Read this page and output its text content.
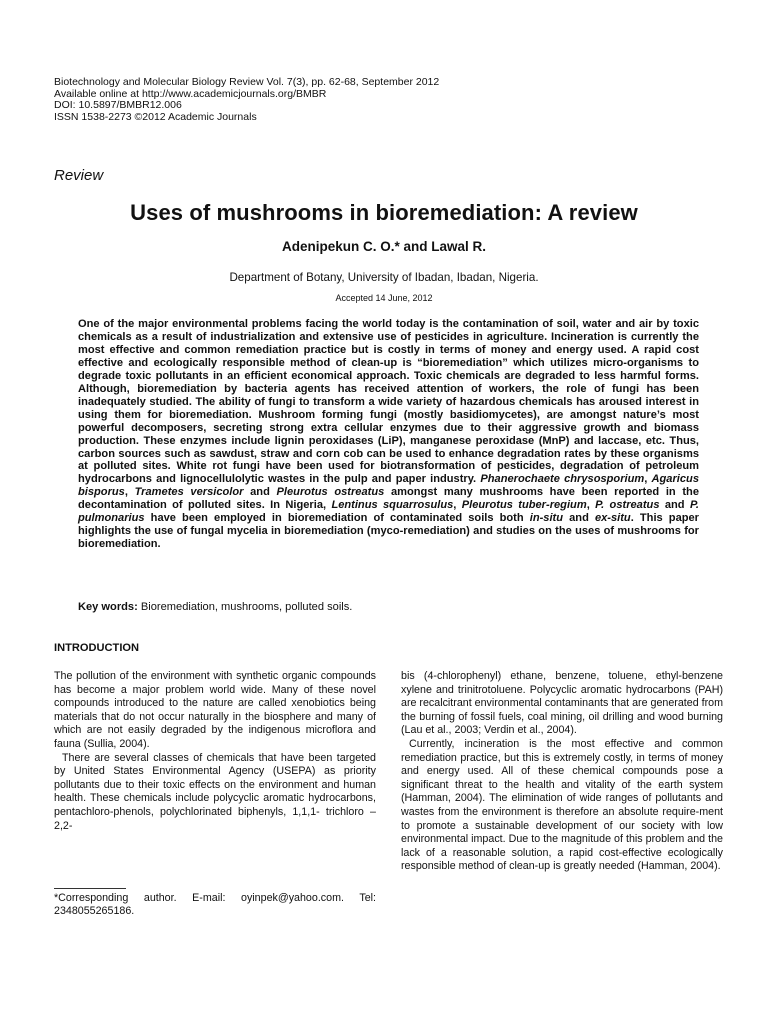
Biotechnology and Molecular Biology Review Vol. 7(3), pp. 62-68, September 2012
Available online at http://www.academicjournals.org/BMBR
DOI: 10.5897/BMBR12.006
ISSN 1538-2273 ©2012 Academic Journals
Review
Uses of mushrooms in bioremediation: A review
Adenipekun C. O.* and Lawal R.
Department of Botany, University of Ibadan, Ibadan, Nigeria.
Accepted 14 June, 2012
One of the major environmental problems facing the world today is the contamination of soil, water and air by toxic chemicals as a result of industrialization and extensive use of pesticides in agriculture. Incineration is currently the most effective and common remediation practice but is costly in terms of money and energy used. A rapid cost effective and ecologically responsible method of clean-up is “bioremediation” which utilizes micro-organisms to degrade toxic pollutants in an efficient economical approach. Toxic chemicals are degraded to less harmful forms. Although, bioremediation by bacteria agents has received attention of workers, the role of fungi has been inadequately studied. The ability of fungi to transform a wide variety of hazardous chemicals has aroused interest in using them for bioremediation. Mushroom forming fungi (mostly basidiomycetes), are amongst nature’s most powerful decomposers, secreting strong extra cellular enzymes due to their aggressive growth and biomass production. These enzymes include lignin peroxidases (LiP), manganese peroxidase (MnP) and laccase, etc. Thus, carbon sources such as sawdust, straw and corn cob can be used to enhance degradation rates by these organisms at polluted sites. White rot fungi have been used for biotransformation of pesticides, degradation of petroleum hydrocarbons and lignocellulolytic wastes in the pulp and paper industry. Phanerochaete chrysosporium, Agaricus bisporus, Trametes versicolor and Pleurotus ostreatus amongst many mushrooms have been reported in the decontamination of polluted sites. In Nigeria, Lentinus squarrosulus, Pleurotus tuber-regium, P. ostreatus and P. pulmonarius have been employed in bioremediation of contaminated soils both in-situ and ex-situ. This paper highlights the use of fungal mycelia in bioremediation (myco-remediation) and studies on the uses of mushrooms for bioremediation.
Key words: Bioremediation, mushrooms, polluted soils.
INTRODUCTION

The pollution of the environment with synthetic organic compounds has become a major problem world wide. Many of these novel compounds introduced to the nature are called xenobiotics being materials that do not occur naturally in the biosphere and many of which are not easily degraded by the indigenous microflora and fauna (Sullia, 2004).

There are several classes of chemicals that have been targeted by United States Environmental Agency (USEPA) as priority pollutants due to their toxic effects on the environment and human health. These chemicals include polycyclic aromatic hydrocarbons, pentachloro-phenols, polychlorinated biphenyls, 1,1,1- trichloro – 2,2-

bis (4-chlorophenyl) ethane, benzene, toluene, ethyl-benzene xylene and trinitrotoluene. Polycyclic aromatic hydrocarbons (PAH) are recalcitrant environmental contaminants that are generated from the burning of fossil fuels, coal mining, oil drilling and wood burning (Lau et al., 2003; Verdin et al., 2004).

Currently, incineration is the most effective and common remediation practice, but this is extremely costly, in terms of money and energy used. All of these chemical compounds pose a significant threat to the health and vitality of the earth system (Hamman, 2004). The elimination of wide ranges of pollutants and wastes from the environment is therefore an absolute require-ment to promote a sustainable development of our society with low environmental impact. Due to the magnitude of this problem and the lack of a reasonable solution, a rapid cost-effective ecologically responsible method of clean-up is greatly needed (Hamman, 2004).

*Corresponding author. E-mail: oyinpek@yahoo.com. Tel: 2348055265186.
